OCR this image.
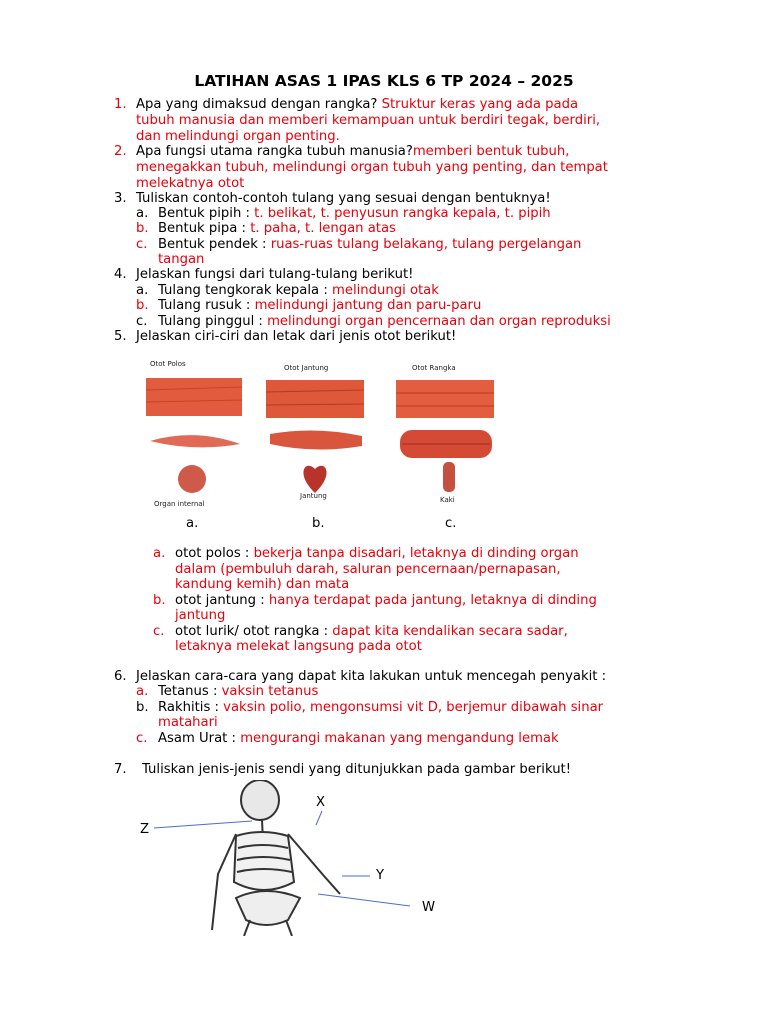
LATIHAN ASAS 1 IPAS KLS 6 TP 2024 – 2025
1. Apa yang dimaksud dengan rangka? Struktur keras yang ada pada
tubuh manusia dan memberi kemampuan untuk berdiri tegak, berdiri,
dan melindungi organ penting.
2. Apa fungsi utama rangka tubuh manusia?memberi bentuk tubuh,
menegakkan tubuh, melindungi organ tubuh yang penting, dan tempat
melekatnya otot
3. Tuliskan contoh-contoh tulang yang sesuai dengan bentuknya!
a. Bentuk pipih : t. belikat, t. penyusun rangka kepala, t. pipih
b. Bentuk pipa : t. paha, t. lengan atas
c. Bentuk pendek : ruas-ruas tulang belakang, tulang pergelangan
tangan
4. Jelaskan fungsi dari tulang-tulang berikut!
a. Tulang tengkorak kepala : melindungi otak
b. Tulang rusuk : melindungi jantung dan paru-paru
c. Tulang pinggul : melindungi organ pencernaan dan organ reproduksi
5. Jelaskan ciri-ciri dan letak dari jenis otot berikut!
Otot Polos	Otot Jantung	Otot Rangka
Organ internal
Jantung	Kaki
a.	b.	c.
a. otot polos : bekerja tanpa disadari, letaknya di dinding organ
dalam (pembuluh darah, saluran pencernaan/pernapasan,
kandung kemih) dan mata
b. otot jantung : hanya terdapat pada jantung, letaknya di dinding
jantung
c. otot lurik/ otot rangka : dapat kita kendalikan secara sadar,
letaknya melekat langsung pada otot
6. Jelaskan cara-cara yang dapat kita lakukan untuk mencegah penyakit :
a. Tetanus : vaksin tetanus
b. Rakhitis : vaksin polio, mengonsumsi vit D, berjemur dibawah sinar
matahari
c. Asam Urat : mengurangi makanan yang mengandung lemak
7. Tuliskan jenis-jenis sendi yang ditunjukkan pada gambar berikut!
Z
X
Y
W
